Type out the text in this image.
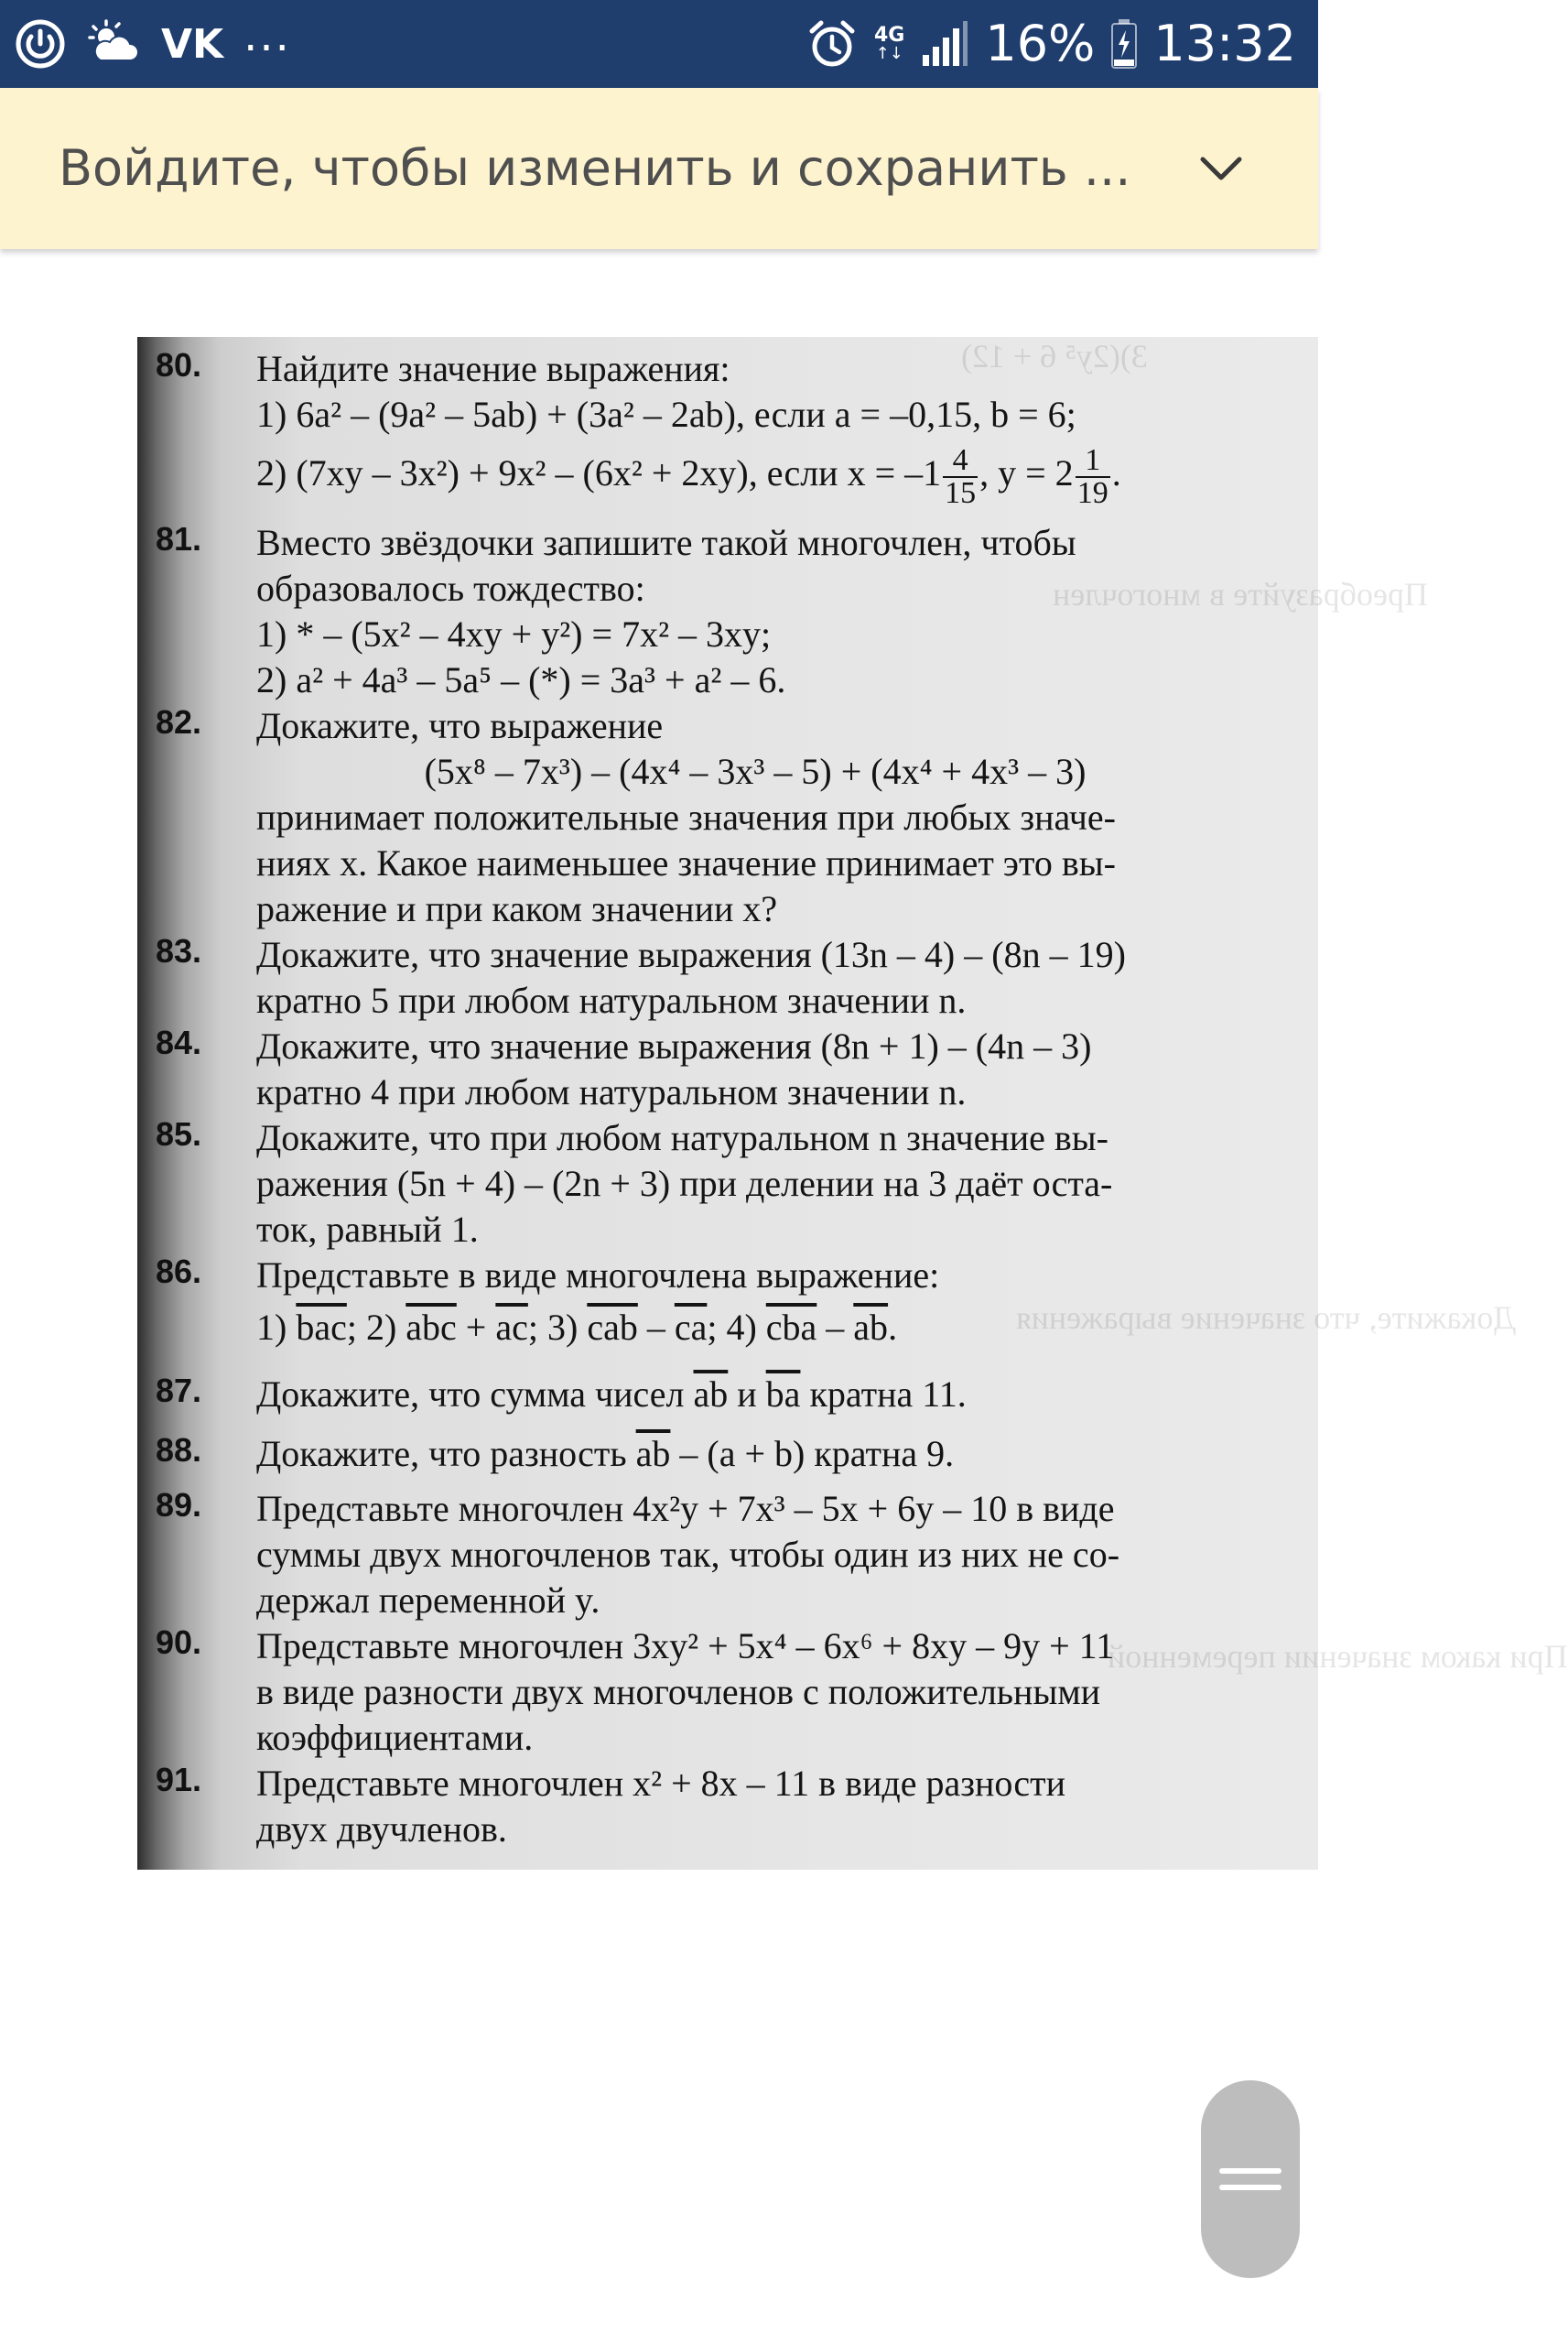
VK ...	4G
↑↓ 16% 13:32
Войдите, чтобы изменить и сохранить ...
3)(2y⁵ 6 + 12)
Преобразуйте в многочлен
Докажите, что значение выражения
При каком значении переменной
80. Найдите значение выражения:
1) 6a² – (9a² – 5ab) + (3a² – 2ab), если a = –0,15, b = 6;
2) (7xy – 3x²) + 9x² – (6x² + 2xy), если $x = -1 \frac{4}{15}$ , $y = 2 \frac{1}{19}$ .
81. Вместо звёздочки запишите такой многочлен, чтобы
образовалось тождество:
1) * – (5x² – 4xy + y²) = 7x² – 3xy;
2) a² + 4a³ – 5a⁵ – (*) = 3a³ + a² – 6.
82. Докажите, что выражение
(5x⁸ – 7x³) – (4x⁴ – 3x³ – 5) + (4x⁴ + 4x³ – 3)
принимает положительные значения при любых значе-
ниях x. Какое наименьшее значение принимает это вы-
ражение и при каком значении x?
83. Докажите, что значение выражения (13n – 4) – (8n – 19)
кратно 5 при любом натуральном значении n.
84. Докажите, что значение выражения (8n + 1) – (4n – 3)
кратно 4 при любом натуральном значении n.
85. Докажите, что при любом натуральном n значение вы-
ражения (5n + 4) – (2n + 3) при делении на 3 даёт оста-
ток, равный 1.
86. Представьте в виде многочлена выражение:
1) $\overline{bac}$; 2) $\overline{abc} + \overline{ac}$; 3) $\overline{cab} - \overline{ca}$; 4) $\overline{cba} - \overline{ab}$.
87. Докажите, что сумма чисел $\overline{ab}$ и $\overline{ba}$ кратна 11.
88. Докажите, что разность $\overline{ab} - (a + b)$ кратна 9.
89. Представьте многочлен 4x²y + 7x³ – 5x + 6y – 10 в виде
суммы двух многочленов так, чтобы один из них не со-
держал переменной y.
90. Представьте многочлен 3xy² + 5x⁴ – 6x⁶ + 8xy – 9y + 11
в виде разности двух многочленов с положительными
коэффициентами.
91. Представьте многочлен x² + 8x – 11 в виде разности
двух двучленов.
